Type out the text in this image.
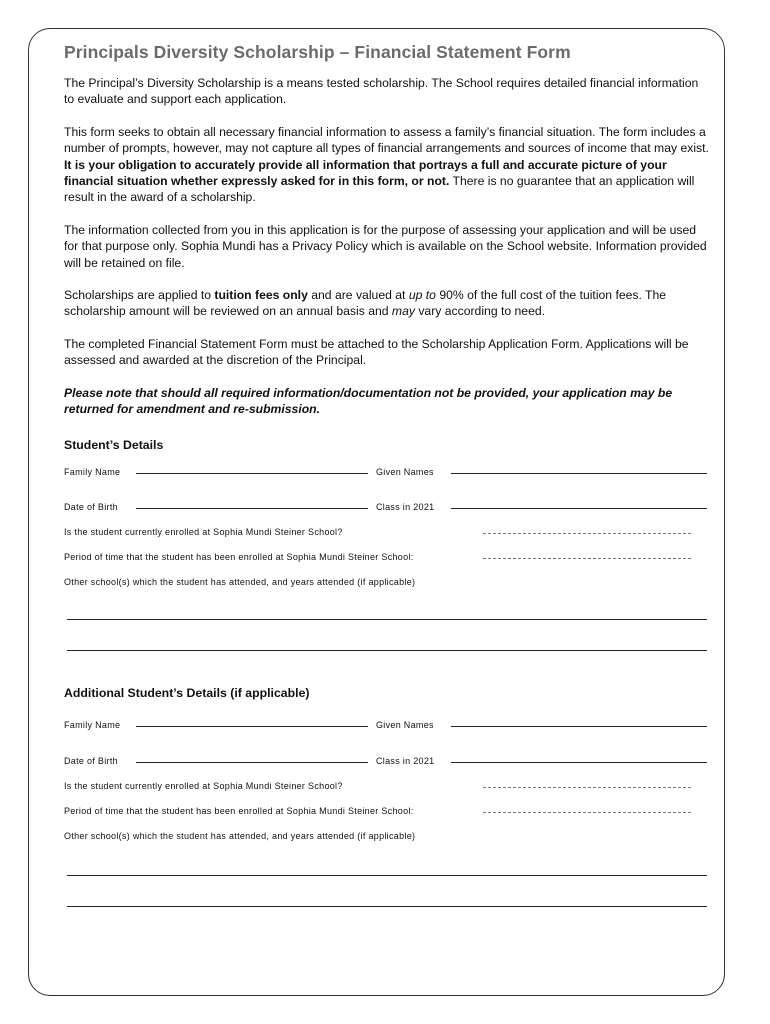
Principals Diversity Scholarship – Financial Statement Form

The Principal’s Diversity Scholarship is a means tested scholarship. The School requires detailed financial information to evaluate and support each application.

This form seeks to obtain all necessary financial information to assess a family’s financial situation. The form includes a number of prompts, however, may not capture all types of financial arrangements and sources of income that may exist. It is your obligation to accurately provide all information that portrays a full and accurate picture of your financial situation whether expressly asked for in this form, or not. There is no guarantee that an application will result in the award of a scholarship.

The information collected from you in this application is for the purpose of assessing your application and will be used for that purpose only. Sophia Mundi has a Privacy Policy which is available on the School website. Information provided will be retained on file.

Scholarships are applied to tuition fees only and are valued at up to 90% of the full cost of the tuition fees. The scholarship amount will be reviewed on an annual basis and may vary according to need.

The completed Financial Statement Form must be attached to the Scholarship Application Form. Applications will be assessed and awarded at the discretion of the Principal.

Please note that should all required information/documentation not be provided, your application may be returned for amendment and re-submission.

Student’s Details
Family Name	Given Names
Date of Birth	Class in 2021
Is the student currently enrolled at Sophia Mundi Steiner School?
Period of time that the student has been enrolled at Sophia Mundi Steiner School:
Other school(s) which the student has attended, and years attended (if applicable)
Additional Student’s Details (if applicable)
Family Name	Given Names
Date of Birth	Class in 2021
Is the student currently enrolled at Sophia Mundi Steiner School?
Period of time that the student has been enrolled at Sophia Mundi Steiner School:
Other school(s) which the student has attended, and years attended (if applicable)
